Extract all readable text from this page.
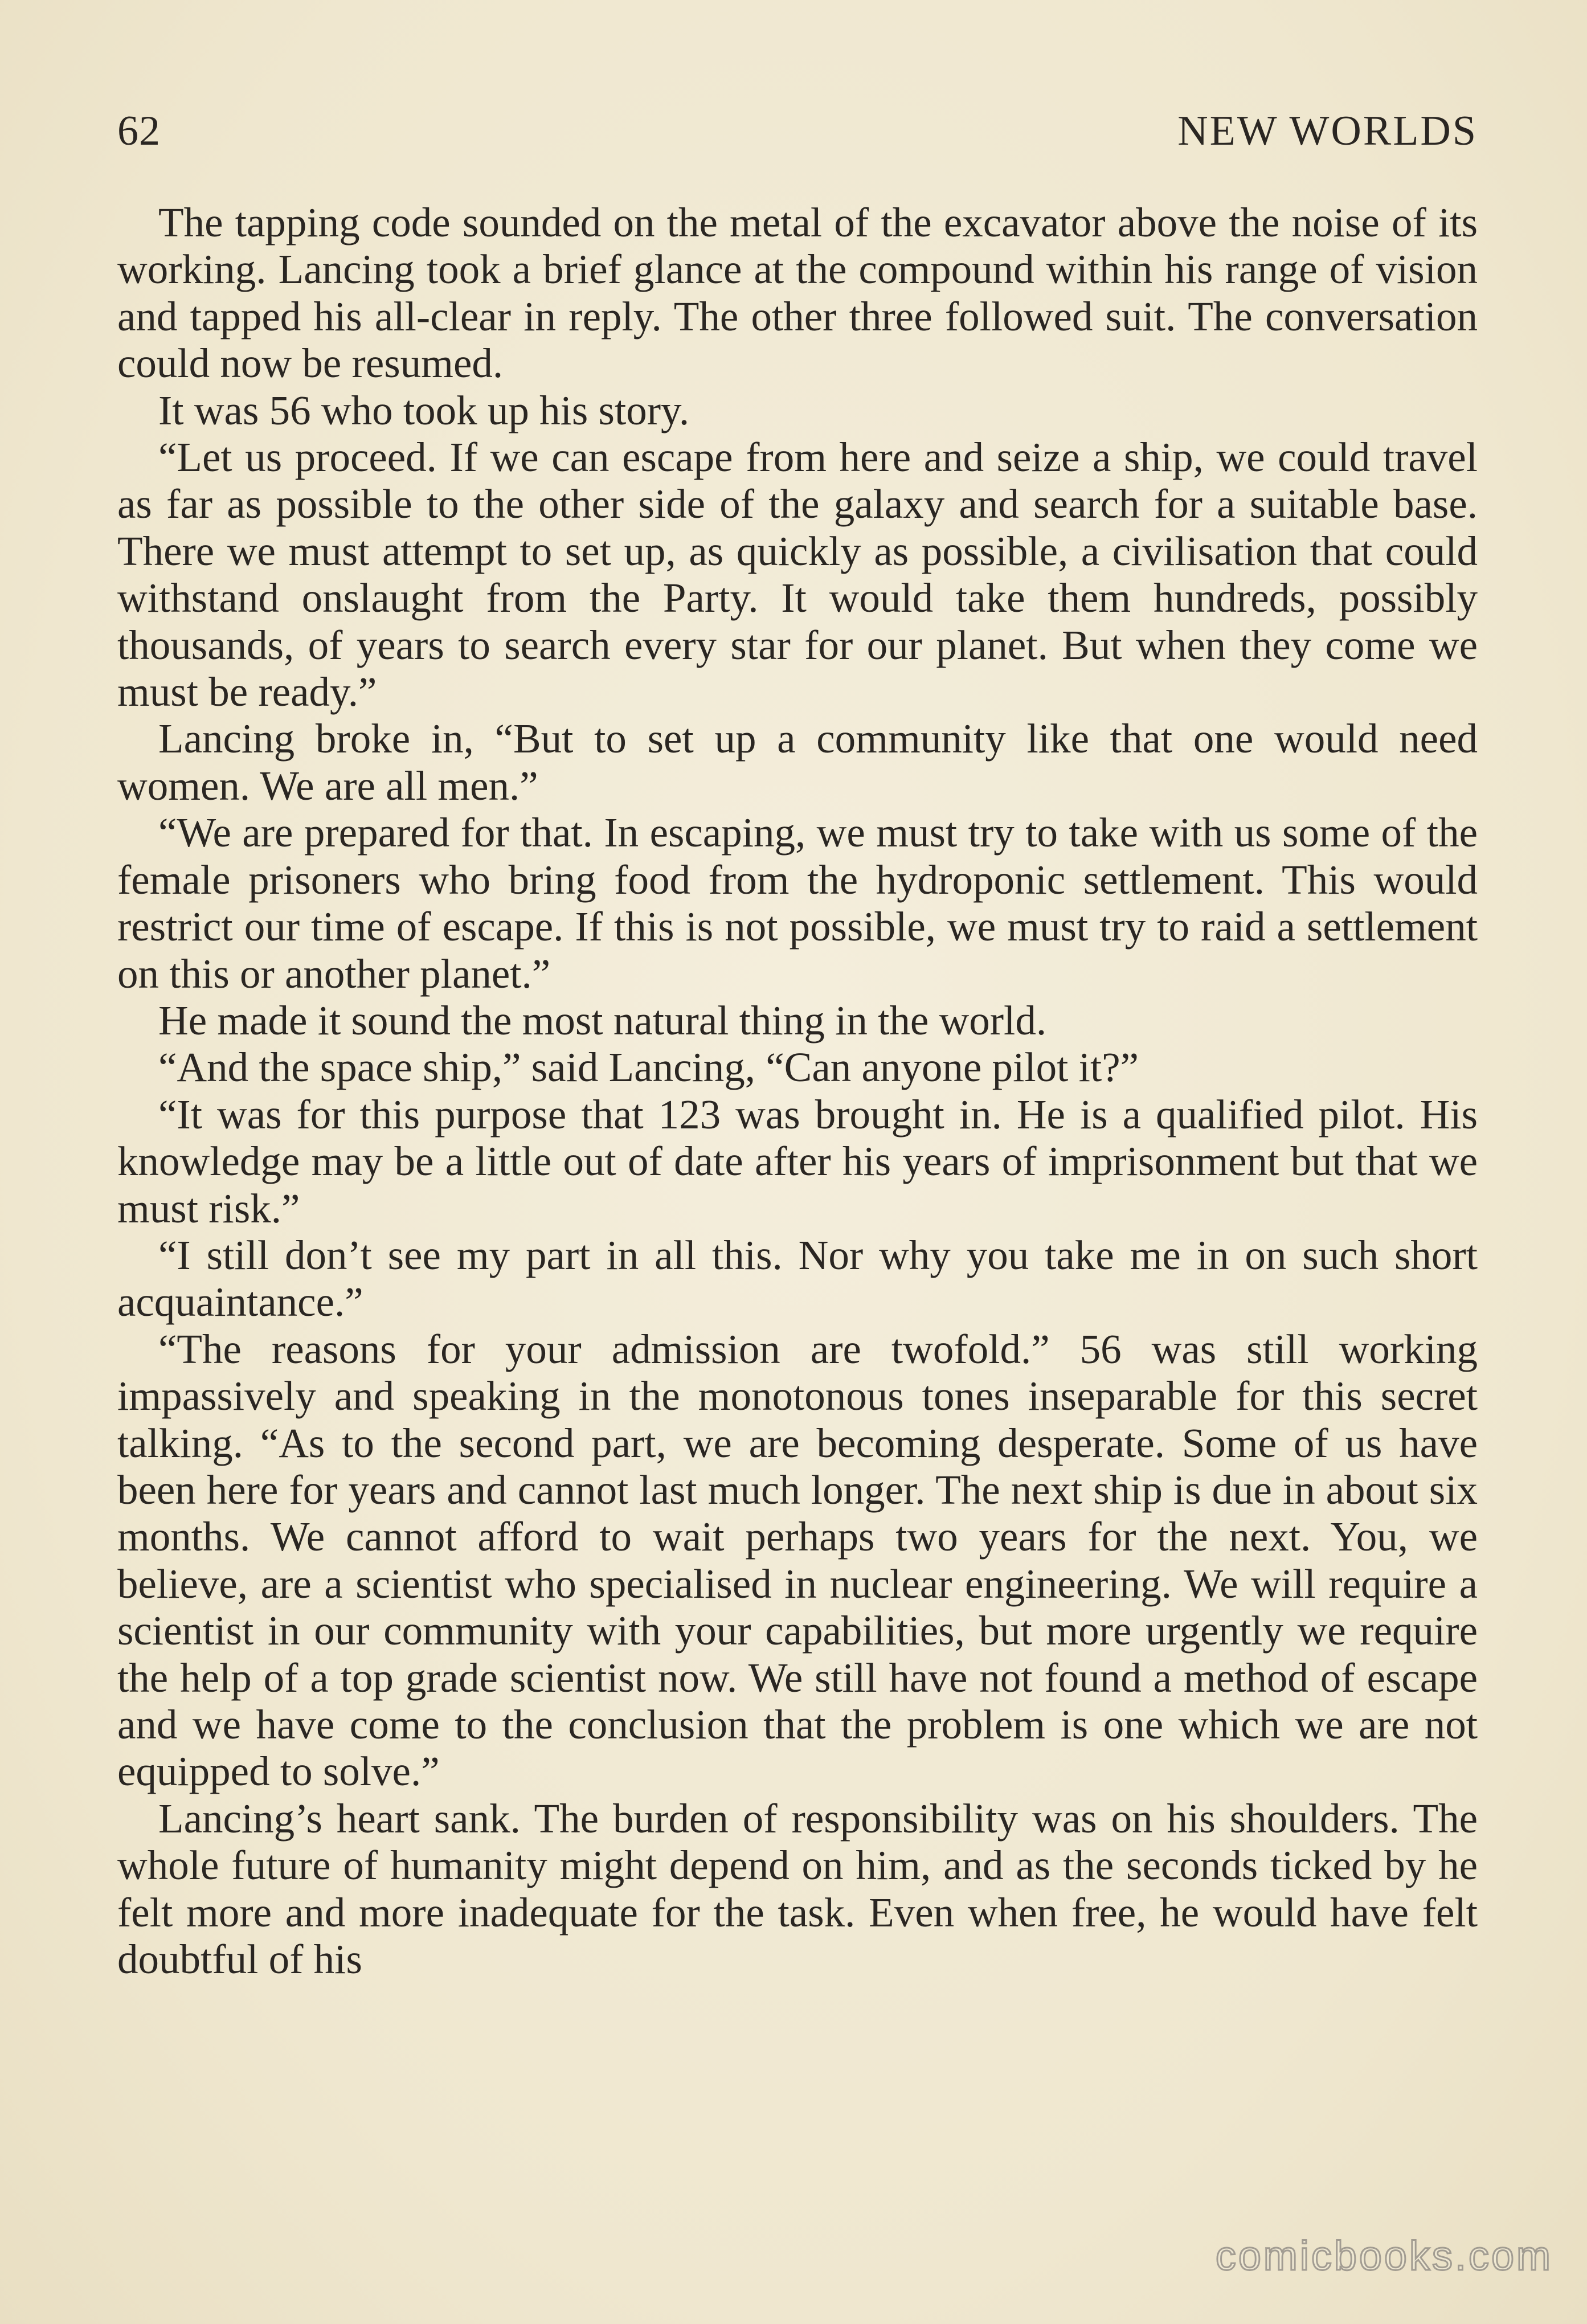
62	NEW WORLDS

The tapping code sounded on the metal of the excavator above the noise of its working. Lancing took a brief glance at the compound within his range of vision and tapped his all-clear in reply. The other three followed suit. The conversation could now be resumed.

It was 56 who took up his story.

“Let us proceed. If we can escape from here and seize a ship, we could travel as far as possible to the other side of the galaxy and search for a suitable base. There we must attempt to set up, as quickly as possible, a civilisation that could withstand onslaught from the Party. It would take them hundreds, possibly thousands, of years to search every star for our planet. But when they come we must be ready.”

Lancing broke in, “But to set up a community like that one would need women. We are all men.”

“We are prepared for that. In escaping, we must try to take with us some of the female prisoners who bring food from the hydroponic settlement. This would restrict our time of escape. If this is not possible, we must try to raid a settlement on this or another planet.”

He made it sound the most natural thing in the world.

“And the space ship,” said Lancing, “Can anyone pilot it?”

“It was for this purpose that 123 was brought in. He is a qualified pilot. His knowledge may be a little out of date after his years of imprisonment but that we must risk.”

“I still don’t see my part in all this. Nor why you take me in on such short acquaintance.”

“The reasons for your admission are twofold.” 56 was still working impassively and speaking in the monotonous tones inseparable for this secret talking. “As to the second part, we are becoming desperate. Some of us have been here for years and cannot last much longer. The next ship is due in about six months. We cannot afford to wait perhaps two years for the next. You, we believe, are a scientist who specialised in nuclear engineering. We will require a scientist in our community with your capabilities, but more urgently we require the help of a top grade scientist now. We still have not found a method of escape and we have come to the conclusion that the problem is one which we are not equipped to solve.”

Lancing’s heart sank. The burden of responsibility was on his shoulders. The whole future of humanity might depend on him, and as the seconds ticked by he felt more and more inadequate for the task. Even when free, he would have felt doubtful of his

comicbooks.com
